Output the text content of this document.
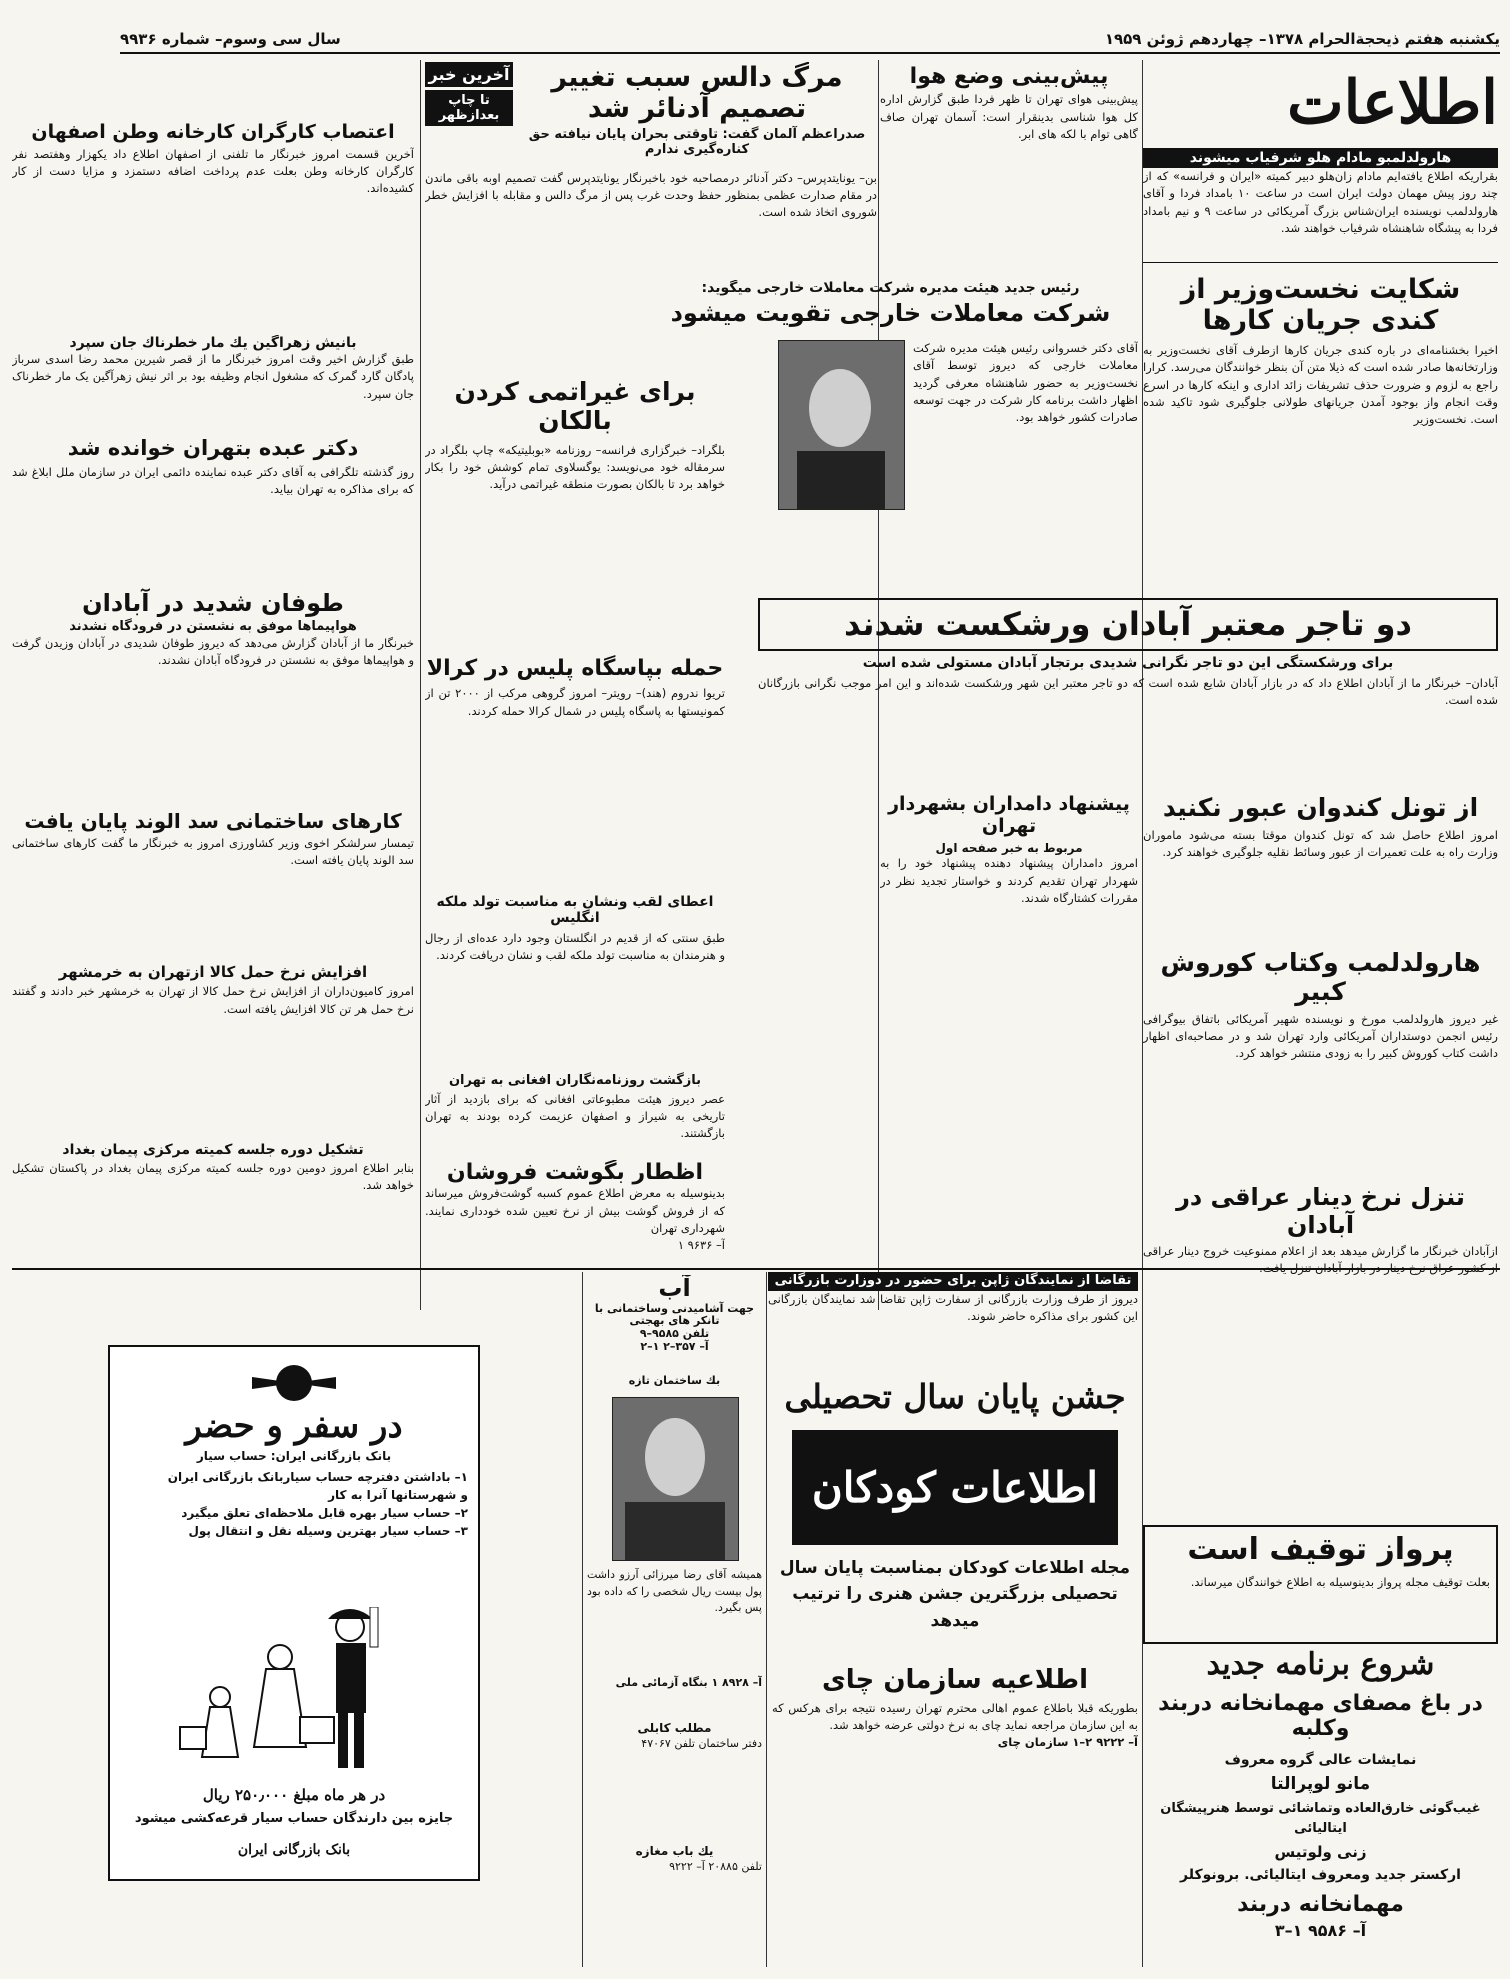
یکشنبه هفتم ذیحجةالحرام ۱۳۷۸– چهاردهم ژوئن ۱۹۵۹
سال سی وسوم– شماره ۹۹۳۶
اطلاعات
هارولدلمبو مادام هلو شرفیاب میشوند
بقراریکه اطلاع یافته‌ایم مادام زان‌هلو دبیر کمیته «ایران و فرانسه» که از چند روز پیش مهمان دولت ایران است در ساعت ۱۰ بامداد فردا و آقای هارولدلمب نویسنده ایران‌شناس بزرگ آمریکائی در ساعت ۹ و نیم بامداد فردا به پیشگاه شاهنشاه شرفیاب خواهند شد.
شکایت نخست‌وزیر از کندی جریان کارها
اخیرا بخشنامه‌ای در باره کندی جریان کارها ازطرف آقای نخست‌وزیر به وزارتخانه‌ها صادر شده است که ذیلا متن آن بنظر خوانندگان می‌رسد. کرارا راجع به لزوم و ضرورت حذف تشریفات زائد اداری و اینکه کارها در اسرع وقت انجام واز بوجود آمدن جریانهای طولانی جلوگیری شود تاکید شده است. نخست‌وزیر
دو تاجر معتبر آبادان ورشکست شدند
برای ورشکستگی این دو تاجر نگرانی شدیدی برتجار آبادان مستولی شده است
آبادان– خبرنگار ما از آبادان اطلاع داد که در بازار آبادان شایع شده است که دو تاجر معتبر این شهر ورشکست شده‌اند و این امر موجب نگرانی بازرگانان شده است.
از تونل کندوان عبور نکنید
امروز اطلاع حاصل شد که تونل کندوان موقتا بسته می‌شود ماموران وزارت راه به علت تعمیرات از عبور وسائط نقلیه جلوگیری خواهند کرد.
هارولدلمب وکتاب کوروش کبیر
غیر دیروز هارولدلمب مورخ و نویسنده شهیر آمریکائی باتفاق بیوگرافی رئیس انجمن دوستداران آمریکائی وارد تهران شد و در مصاحبه‌ای اظهار داشت کتاب کوروش کبیر را به زودی منتشر خواهد کرد.
تنزل نرخ دینار عراقی در آبادان
ازآبادان خبرنگار ما گزارش میدهد بعد از اعلام ممنوعیت خروج دینار عراقی از کشور عراق نرخ دینار در بازار آبادان تنزل یافت.
پرواز توقیف است
بعلت توقیف مجله پرواز بدینوسیله به اطلاع خوانندگان میرساند.
شروع برنامه جدید
در باغ مصفای مهمانخانه دربند وکلبه
نمایشات عالی گروه معروف
مانو لوپرالتا
غیب‌گوئی خارق‌العاده وتماشائی توسط هنرپیشگان ایتالیائی
زنی ولوتیس
ارکستر جدید ومعروف ایتالیائی. برونوکلر
مهمانخانه دربند
آ– ۹۵۸۶ ۱–۳
پیش‌بینی وضع هوا
پیش‌بینی هوای تهران تا ظهر فردا طبق گزارش اداره کل هوا شناسی بدینقرار است: آسمان تهران صاف گاهی توام با لکه های ابر.
رئیس جدید هیئت مدیره شرکت معاملات خارجی میگوید:
شرکت معاملات خارجی تقویت میشود
آقای دکتر خسروانی رئیس هیئت مدیره شرکت معاملات خارجی که دیروز توسط آقای نخست‌وزیر به حضور شاهنشاه معرفی گردید اظهار داشت برنامه کار شرکت در جهت توسعه صادرات کشور خواهد بود.
پیشنهاد دامداران بشهردار تهران
مربوط به خبر صفحه اول
امروز دامداران پیشنهاد دهنده پیشنهاد خود را به شهردار تهران تقدیم کردند و خواستار تجدید نظر در مقررات کشتارگاه شدند.
تقاضا از نمایندگان ژاپن برای حضور در دوزارت بازرگانی
دیروز از طرف وزارت بازرگانی از سفارت ژاپن تقاضا شد نمایندگان بازرگانی این کشور برای مذاکره حاضر شوند.
آخرین خبر
تا چاپ بعدازظهر
مرگ دالس سبب تغییر تصمیم آدنائر شد
صدراعظم آلمان گفت: تاوقتی بحران پایان نیافته حق کناره‌گیری ندارم
بن– یونایتدپرس– دکتر آدنائر درمصاحبه خود باخبرنگار یونایتدپرس گفت تصمیم اوبه باقی ماندن در مقام صدارت عظمی بمنظور حفظ وحدت غرب پس از مرگ دالس و مقابله با افزایش خطر شوروی اتخاذ شده است.
برای غیراتمی کردن بالکان
بلگراد– خبرگزاری فرانسه– روزنامه «بوبلیتیکه» چاپ بلگراد در سرمقاله خود می‌نویسد: یوگسلاوی تمام کوشش خود را بکار خواهد برد تا بالکان بصورت منطقه غیراتمی درآید.
حمله بپاسگاه پلیس در کرالا
تریوا ندروم (هند)– رویتر– امروز گروهی مرکب از ۲۰۰۰ تن از کمونیستها به پاسگاه پلیس در شمال کرالا حمله کردند.
اعطای لقب ونشان به مناسبت تولد ملکه انگلیس
طبق سنتی که از قدیم در انگلستان وجود دارد عده‌ای از رجال و هنرمندان به مناسبت تولد ملکه لقب و نشان دریافت کردند.
بازگشت روزنامه‌نگاران افغانی به تهران
عصر دیروز هیئت مطبوعاتی افغانی که برای بازدید از آثار تاریخی به شیراز و اصفهان عزیمت کرده بودند به تهران بازگشتند.
اظطار بگوشت فروشان
بدینوسیله به معرض اطلاع عموم کسبه گوشت‌فروش میرساند که از فروش گوشت بیش از نرخ تعیین شده خودداری نمایند. شهرداری تهران
آ– ۹۶۳۶ ۱
اعتصاب کارگران کارخانه وطن اصفهان
آخرین قسمت امروز خبرنگار ما تلفنی از اصفهان اطلاع داد یکهزار وهفتصد نفر کارگران کارخانه وطن بعلت عدم پرداخت اضافه دستمزد و مزایا دست از کار کشیده‌اند.
بانیش زهراگین یك مار خطرناك جان سپرد
طبق گزارش اخیر وقت امروز خبرنگار ما از قصر شیرین محمد رضا اسدی سرباز پادگان گارد گمرک که مشغول انجام وظیفه بود بر اثر نیش زهرآگین یک مار خطرناک جان سپرد.
دکتر عبده بتهران خوانده شد
روز گذشته تلگرافی به آقای دکتر عبده نماینده دائمی ایران در سازمان ملل ابلاغ شد که برای مذاکره به تهران بیاید.
طوفان شدید در آبادان
هواپیماها موفق به نشستن در فرودگاه نشدند
خبرنگار ما از آبادان گزارش می‌دهد که دیروز طوفان شدیدی در آبادان وزیدن گرفت و هواپیماها موفق به نشستن در فرودگاه آبادان نشدند.
کارهای ساختمانی سد الوند پایان یافت
تیمسار سرلشکر اخوی وزیر کشاورزی امروز به خبرنگار ما گفت کارهای ساختمانی سد الوند پایان یافته است.
افزایش نرخ حمل کالا ازتهران به خرمشهر
امروز کامیون‌داران از افزایش نرخ حمل کالا از تهران به خرمشهر خبر دادند و گفتند نرخ حمل هر تن کالا افزایش یافته است.
تشکیل دوره جلسه کمیته مرکزی پیمان بغداد
بنابر اطلاع امروز دومین دوره جلسه کمیته مرکزی پیمان بغداد در پاکستان تشکیل خواهد شد.
در سفر و حضر
بانک بازرگانی ایران: حساب سیار
۱– باداشتن دفترچه حساب سیاربانک بازرگانی ایران
و شهرستانها آنرا به کار
۲– حساب سیار بهره قابل ملاحظه‌ای تعلق میگیرد
۳– حساب سیار بهترین وسیله نقل و انتقال پول
در هر ماه مبلغ ۲۵۰٫۰۰۰ ریال
جایزه بین دارندگان حساب سیار قرعه‌کشی میشود
بانک بازرگانی ایران
آب
جهت آشامیدنی وساختمانی با تانکر های بهجتی
تلفن ۹۵۸۵–۹
آ– ۳۵۷–۲ ۱–۲
بك ساختمان تازه
همیشه آقای رضا میرزائی آرزو داشت پول بیست ریال شخصی را که داده بود پس بگیرد.
آ– ۸۹۲۸ ۱ بنگاه آزمائی ملی
مطلب کابلی
دفتر ساختمان تلفن ۴۷۰۶۷
یك باب مغازه
تلفن ۲۰۸۸۵ آ– ۹۲۲۲
جشن پایان سال تحصیلی
اطلاعات کودکان
مجله اطلاعات کودکان بمناسبت پایان سال تحصیلی بزرگترین جشن هنری را ترتیب میدهد
اطلاعیه سازمان چای
بطوریکه قبلا باطلاع عموم اهالی محترم تهران رسیده نتیجه برای هرکس که به این سازمان مراجعه نماید چای به نرخ دولتی عرضه خواهد شد.
آ– ۹۲۲۲ ۲–۱ سازمان چای
